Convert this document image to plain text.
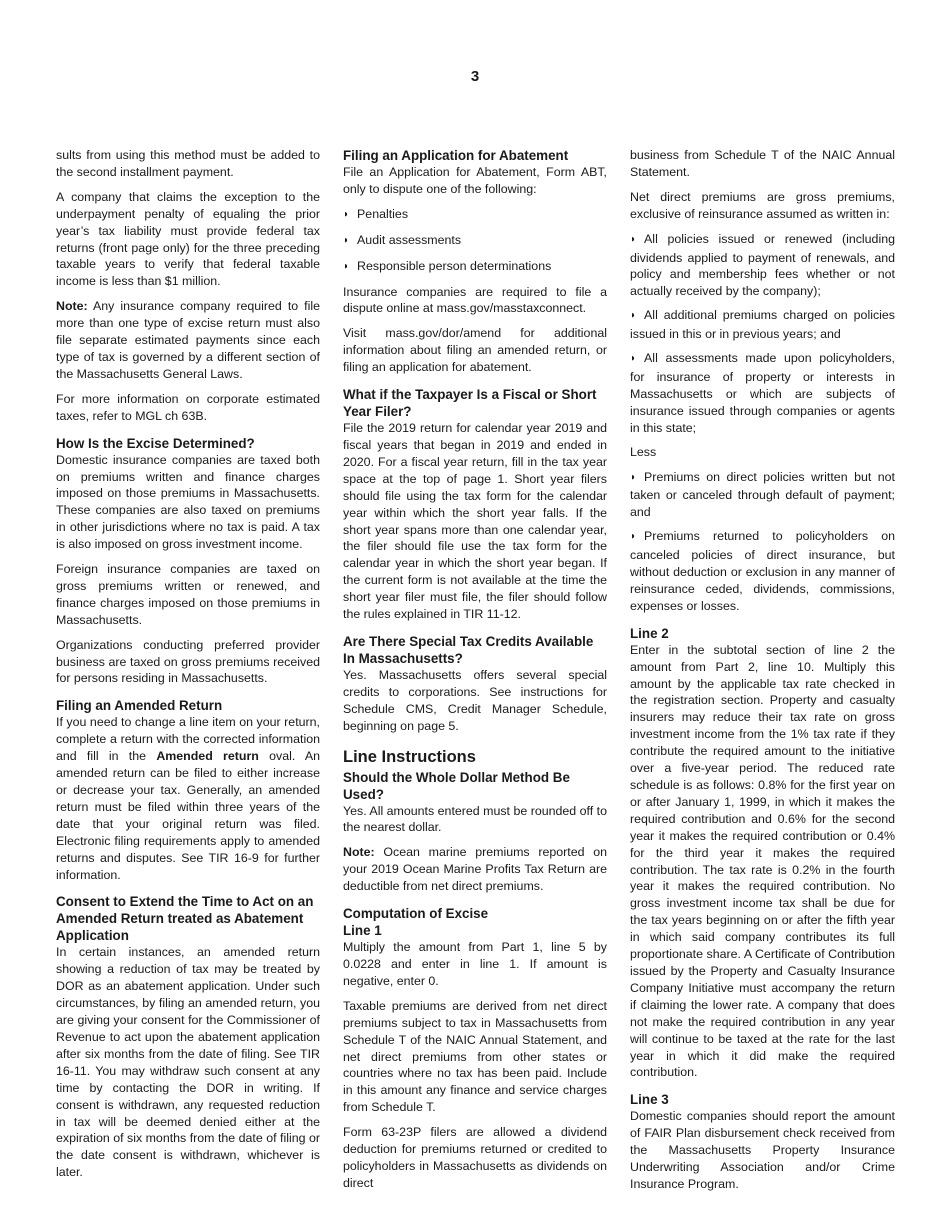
3

sults from using this method must be added to the second installment payment.

A company that claims the exception to the underpayment penalty of equaling the prior year’s tax liability must provide federal tax returns (front page only) for the three preceding taxable years to verify that federal taxable income is less than $1 million.

Note: Any insurance company required to file more than one type of excise return must also file separate estimated payments since each type of tax is governed by a different section of the Massachusetts General Laws.

For more information on corporate estimated taxes, refer to MGL ch 63B.

How Is the Excise Determined?

Domestic insurance companies are taxed both on premiums written and finance charges imposed on those premiums in Massachusetts. These companies are also taxed on premiums in other jurisdictions where no tax is paid. A tax is also imposed on gross investment income.

Foreign insurance companies are taxed on gross premiums written or renewed, and finance charges imposed on those premiums in Massachusetts.

Organizations conducting preferred provider business are taxed on gross premiums received for persons residing in Massachusetts.

Filing an Amended Return

If you need to change a line item on your return, complete a return with the corrected information and fill in the Amended return oval. An amended return can be filed to either increase or decrease your tax. Generally, an amended return must be filed within three years of the date that your original return was filed. Electronic filing requirements apply to amended returns and disputes. See TIR 16-9 for further information.

Consent to Extend the Time to Act on an Amended Return treated as Abatement Application

In certain instances, an amended return showing a reduction of tax may be treated by DOR as an abatement application. Under such circumstances, by filing an amended return, you are giving your consent for the Commissioner of Revenue to act upon the abatement application after six months from the date of filing. See TIR 16-11. You may withdraw such consent at any time by contacting the DOR in writing. If consent is withdrawn, any requested reduction in tax will be deemed denied either at the expiration of six months from the date of filing or the date consent is withdrawn, whichever is later.

Filing an Application for Abatement

File an Application for Abatement, Form ABT, only to dispute one of the following:

◗ Penalties
◗ Audit assessments
◗ Responsible person determinations

Insurance companies are required to file a dispute online at mass.gov/masstaxconnect.

Visit mass.gov/dor/amend for additional information about filing an amended return, or filing an application for abatement.

What if the Taxpayer Is a Fiscal or Short Year Filer?

File the 2019 return for calendar year 2019 and fiscal years that began in 2019 and ended in 2020. For a fiscal year return, fill in the tax year space at the top of page 1. Short year filers should file using the tax form for the calendar year within which the short year falls. If the short year spans more than one calendar year, the filer should file use the tax form for the calendar year in which the short year began. If the current form is not available at the time the short year filer must file, the filer should follow the rules explained in TIR 11-12.

Are There Special Tax Credits Available In Massachusetts?

Yes. Massachusetts offers several special credits to corporations. See instructions for Schedule CMS, Credit Manager Schedule, beginning on page 5.

Line Instructions
Should the Whole Dollar Method Be Used?

Yes. All amounts entered must be rounded off to the nearest dollar.

Note: Ocean marine premiums reported on your 2019 Ocean Marine Profits Tax Return are deductible from net direct premiums.

Computation of Excise
Line 1

Multiply the amount from Part 1, line 5 by 0.0228 and enter in line 1. If amount is negative, enter 0.

Taxable premiums are derived from net direct premiums subject to tax in Massachusetts from Schedule T of the NAIC Annual Statement, and net direct premiums from other states or countries where no tax has been paid. Include in this amount any finance and service charges from Schedule T.

Form 63-23P filers are allowed a dividend deduction for premiums returned or credited to policyholders in Massachusetts as dividends on direct

business from Schedule T of the NAIC Annual Statement.

Net direct premiums are gross premiums, exclusive of reinsurance assumed as written in:

◗ All policies issued or renewed (including dividends applied to payment of renewals, and policy and membership fees whether or not actually received by the company);
◗ All additional premiums charged on policies issued in this or in previous years; and
◗ All assessments made upon policyholders, for insurance of property or interests in Massachusetts or which are subjects of insurance issued through companies or agents in this state;

Less

◗ Premiums on direct policies written but not taken or canceled through default of payment; and
◗ Premiums returned to policyholders on canceled policies of direct insurance, but without deduction or exclusion in any manner of reinsurance ceded, dividends, commissions, expenses or losses.
Line 2

Enter in the subtotal section of line 2 the amount from Part 2, line 10. Multiply this amount by the applicable tax rate checked in the registration section. Property and casualty insurers may reduce their tax rate on gross investment income from the 1% tax rate if they contribute the required amount to the initiative over a five-year period. The reduced rate schedule is as follows: 0.8% for the first year on or after January 1, 1999, in which it makes the required contribution and 0.6% for the second year it makes the required contribution or 0.4% for the third year it makes the required contribution. The tax rate is 0.2% in the fourth year it makes the required contribution. No gross investment income tax shall be due for the tax years beginning on or after the fifth year in which said company contributes its full proportionate share. A Certificate of Contribution issued by the Property and Casualty Insurance Company Initiative must accompany the return if claiming the lower rate. A company that does not make the required contribution in any year will continue to be taxed at the rate for the last year in which it did make the required contribution.

Line 3

Domestic companies should report the amount of FAIR Plan disbursement check received from the Massachusetts Property Insurance Underwriting Association and/or Crime Insurance Program.
